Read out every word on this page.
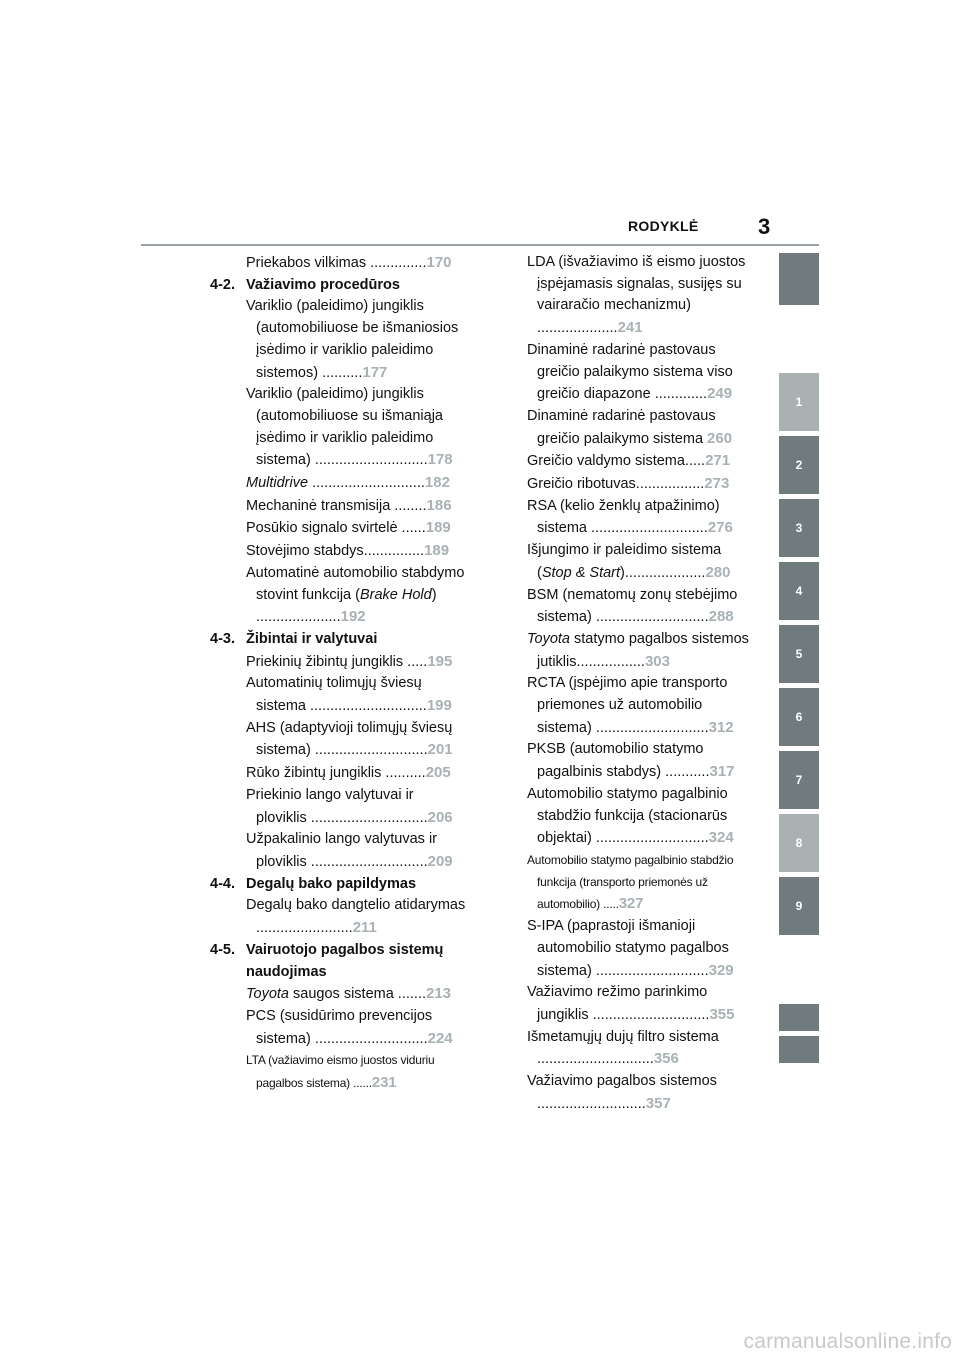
RODYKLĖ	3
Priekabos vilkimas ..............170
4-2. Važiavimo procedūros
Variklio (paleidimo) jungiklis (automobiliuose be išmaniosios įsėdimo ir variklio paleidimo sistemos) ..........177
Variklio (paleidimo) jungiklis (automobiliuose su išmaniąja įsėdimo ir variklio paleidimo sistema) ............................178
Multidrive ............................182
Mechaninė transmisija ........186
Posūkio signalo svirtelė ......189
Stovėjimo stabdys...............189
Automatinė automobilio stabdymo stovint funkcija (Brake Hold) .....................192
4-3. Žibintai ir valytuvai
Priekinių žibintų jungiklis .....195
Automatinių tolimųjų šviesų sistema .............................199
AHS (adaptyvioji tolimųjų šviesų sistema) ............................201
Rūko žibintų jungiklis ..........205
Priekinio lango valytuvai ir ploviklis .............................206
Užpakalinio lango valytuvas ir ploviklis .............................209
4-4. Degalų bako papildymas
Degalų bako dangtelio atidarymas ........................211
4-5. Vairuotojo pagalbos sistemų naudojimas
Toyota saugos sistema .......213
PCS (susidūrimo prevencijos sistema) ............................224
LTA (važiavimo eismo juostos viduriu pagalbos sistema) ......231
LDA (išvažiavimo iš eismo juostos įspėjamasis signalas, susijęs su vairaračio mechanizmu) ....................241
Dinaminė radarinė pastovaus greičio palaikymo sistema viso greičio diapazone .............249
Dinaminė radarinė pastovaus greičio palaikymo sistema 260
Greičio valdymo sistema.....271
Greičio ribotuvas.................273
RSA (kelio ženklų atpažinimo) sistema .............................276
Išjungimo ir paleidimo sistema (Stop & Start)....................280
BSM (nematomų zonų stebėjimo sistema) ............................288
Toyota statymo pagalbos sistemos jutiklis.................303
RCTA (įspėjimo apie transporto priemones už automobilio sistema) ............................312
PKSB (automobilio statymo pagalbinis stabdys) ...........317
Automobilio statymo pagalbinio stabdžio funkcija (stacionarūs objektai) ............................324
Automobilio statymo pagalbinio stabdžio funkcija (transporto priemonės už automobilio) .....327
S-IPA (paprastoji išmanioji automobilio statymo pagalbos sistema) ............................329
Važiavimo režimo parinkimo jungiklis .............................355
Išmetamųjų dujų filtro sistema .............................356
Važiavimo pagalbos sistemos ...........................357
1
2
3
4
5
6
7
8
9
carmanualsonline.info
